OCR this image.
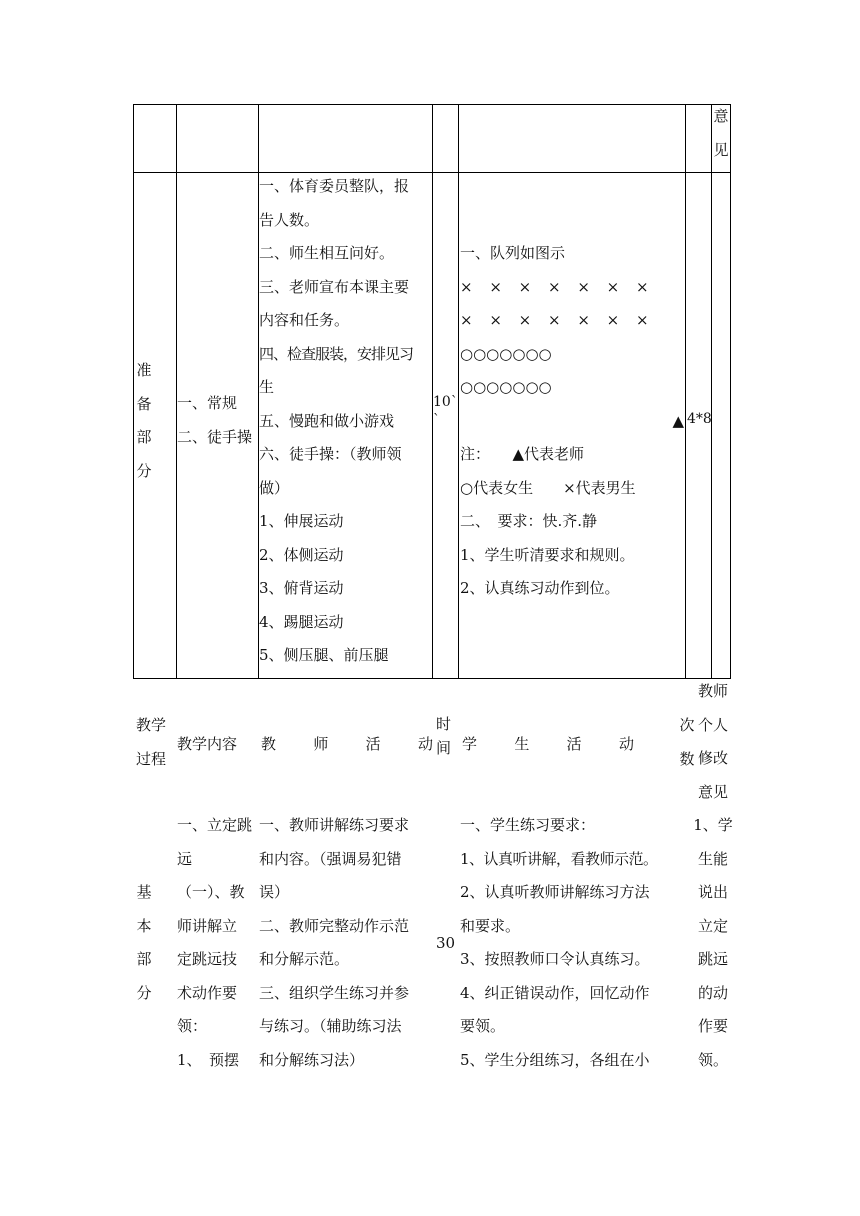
意
见
准
备
部
分
一、常规
二、徒手操
一、体育委员整队，报
告人数。
二、师生相互问好。
三、老师宣布本课主要
内容和任务。
四、检查服装，安排见习
生
五、慢跑和做小游戏
六、徒手操：（教师领
做）
1、伸展运动
2、体侧运动
3、俯背运动
4、踢腿运动
5、侧压腿、前压腿
10`
`
一、队列如图示
× × × × × × ×
× × × × × × ×
○○○○○○○
○○○○○○○
▲
注：　　▲代表老师
○代表女生　　×代表男生
二、　要求：快.齐.静
1、学生听清要求和规则。
2、认真练习动作到位。
4*8
教学
过程
教学内容 教 师 活 动
时
间 学 生 活 动
次
数
教师
个人
修改
意见
基
本
部
分
一、立定跳
远
（一）、教
师讲解立
定跳远技
术动作要
领：
1、　预摆
一、教师讲解练习要求
和内容。（强调易犯错
误）
二、教师完整动作示范
和分解示范。
三、组织学生练习并参
与练习。（辅助练习法
和分解练习法）
30
一、学生练习要求：
1、认真听讲解，看教师示范。
2、认真听教师讲解练习方法
和要求。
3、按照教师口令认真练习。
4、纠正错误动作，回忆动作
要领。
5、学生分组练习，各组在小
1、学
生能
说出
立定
跳远
的动
作要
领。
